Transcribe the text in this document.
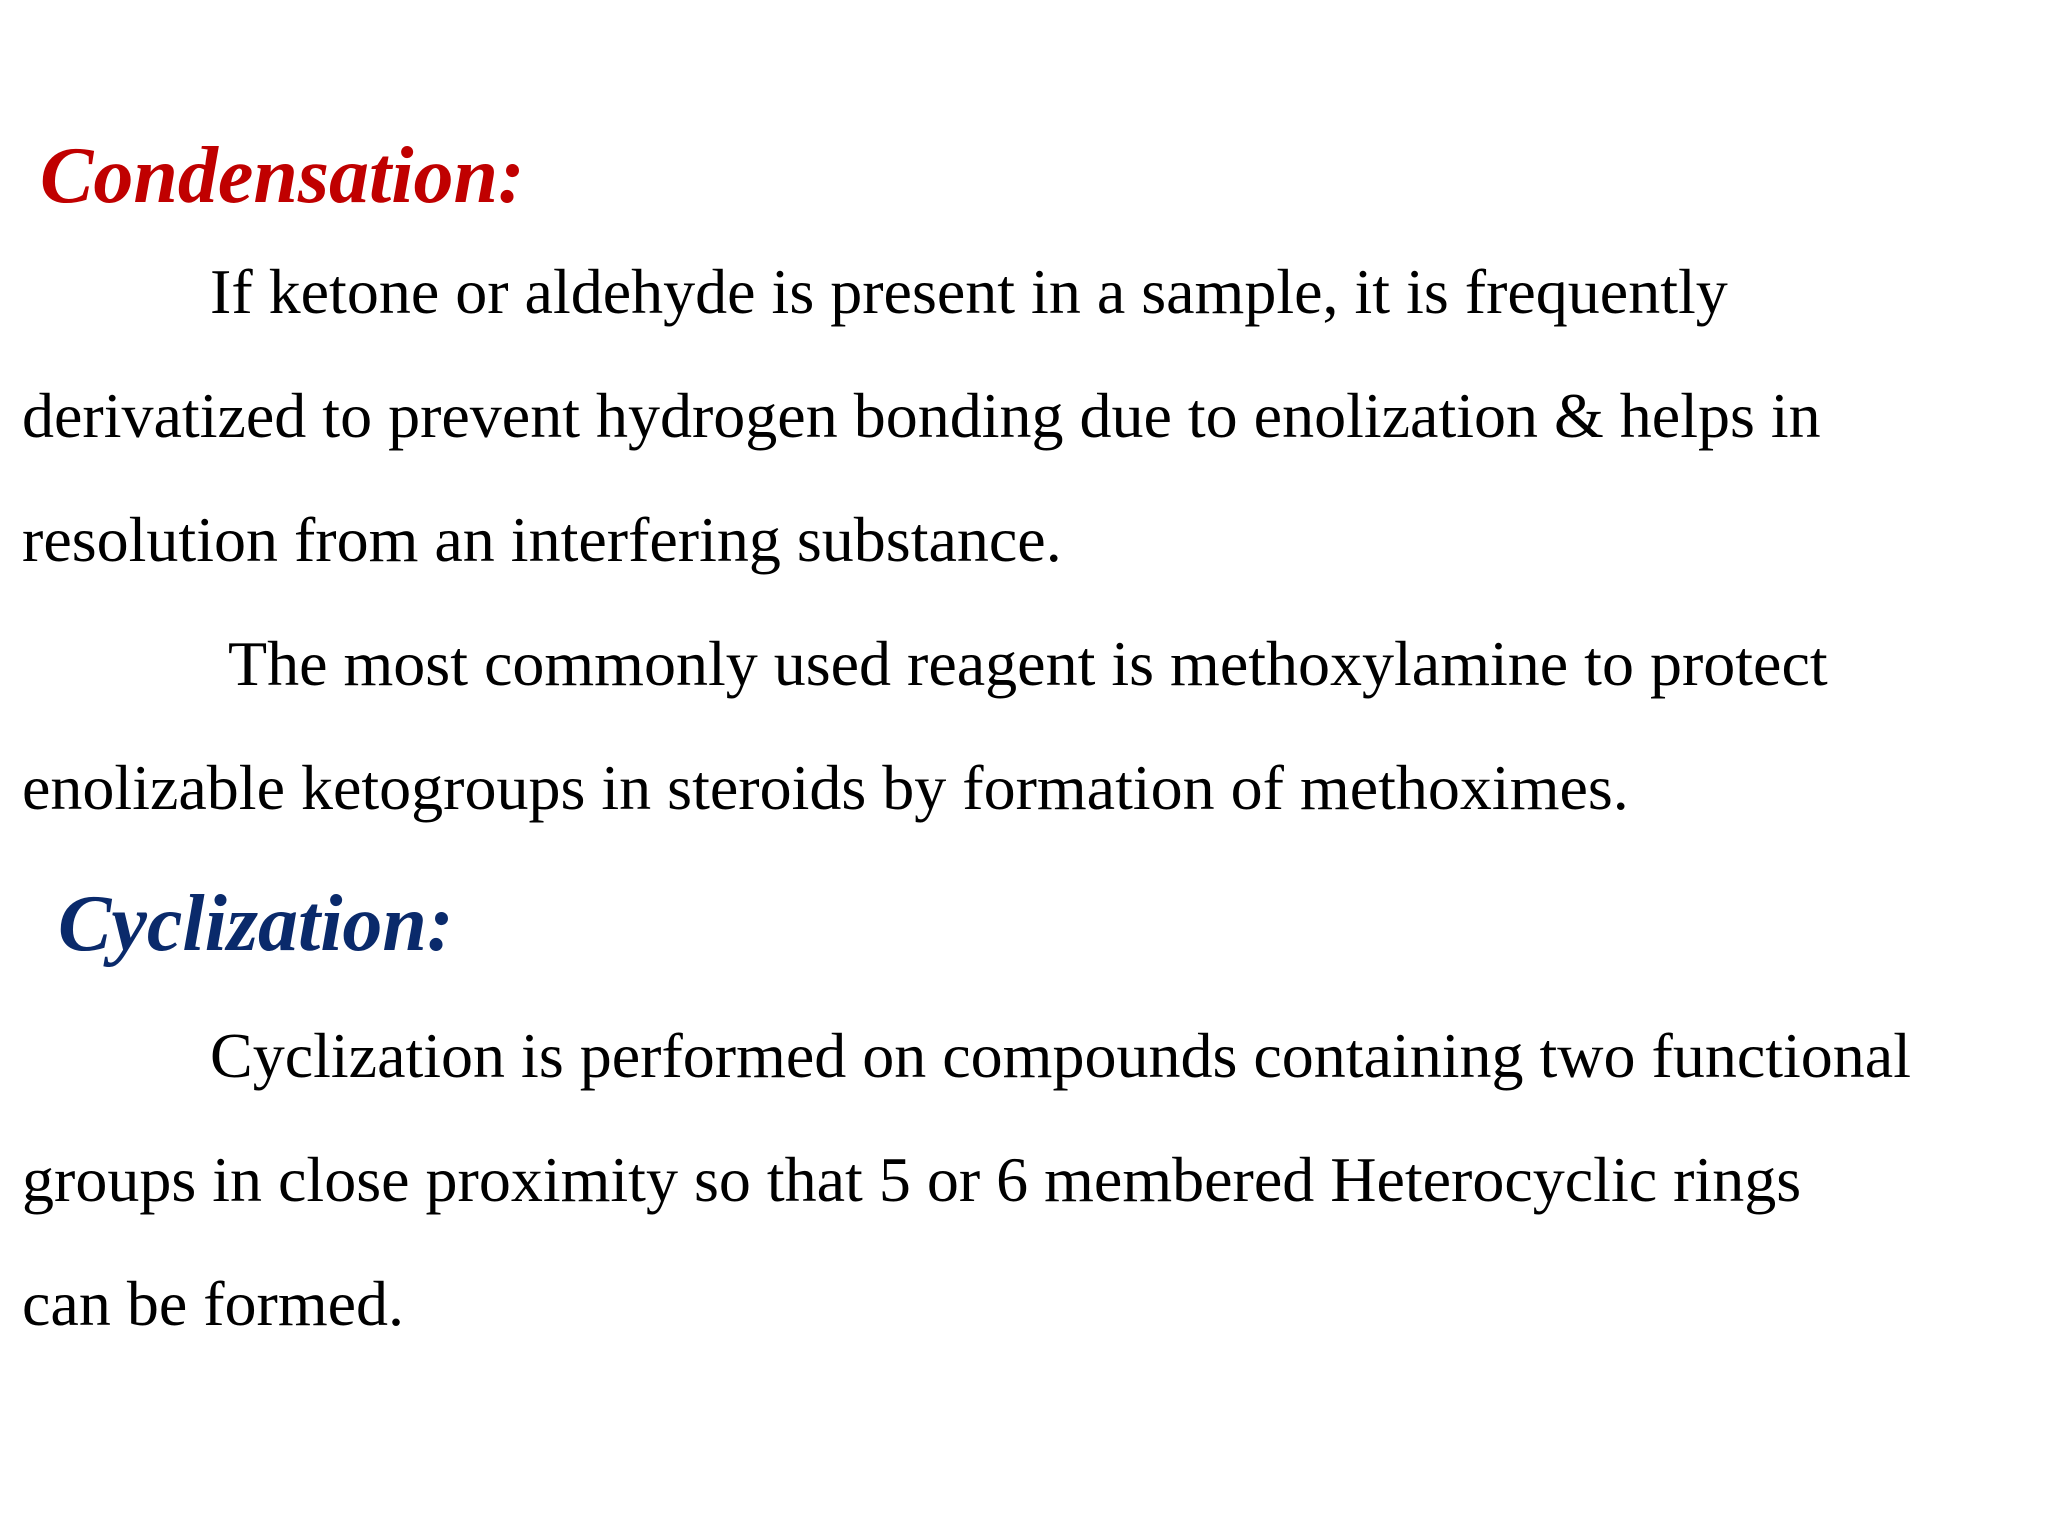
Condensation:

If ketone or aldehyde is present in a sample, it is frequently

derivatized to prevent hydrogen bonding due to enolization & helps in

resolution from an interfering substance.

The most commonly used reagent is methoxylamine to protect

enolizable ketogroups in steroids by formation of methoximes.

Cyclization:

Cyclization is performed on compounds containing two functional

groups in close proximity so that 5 or 6 membered Heterocyclic rings

can be formed.
